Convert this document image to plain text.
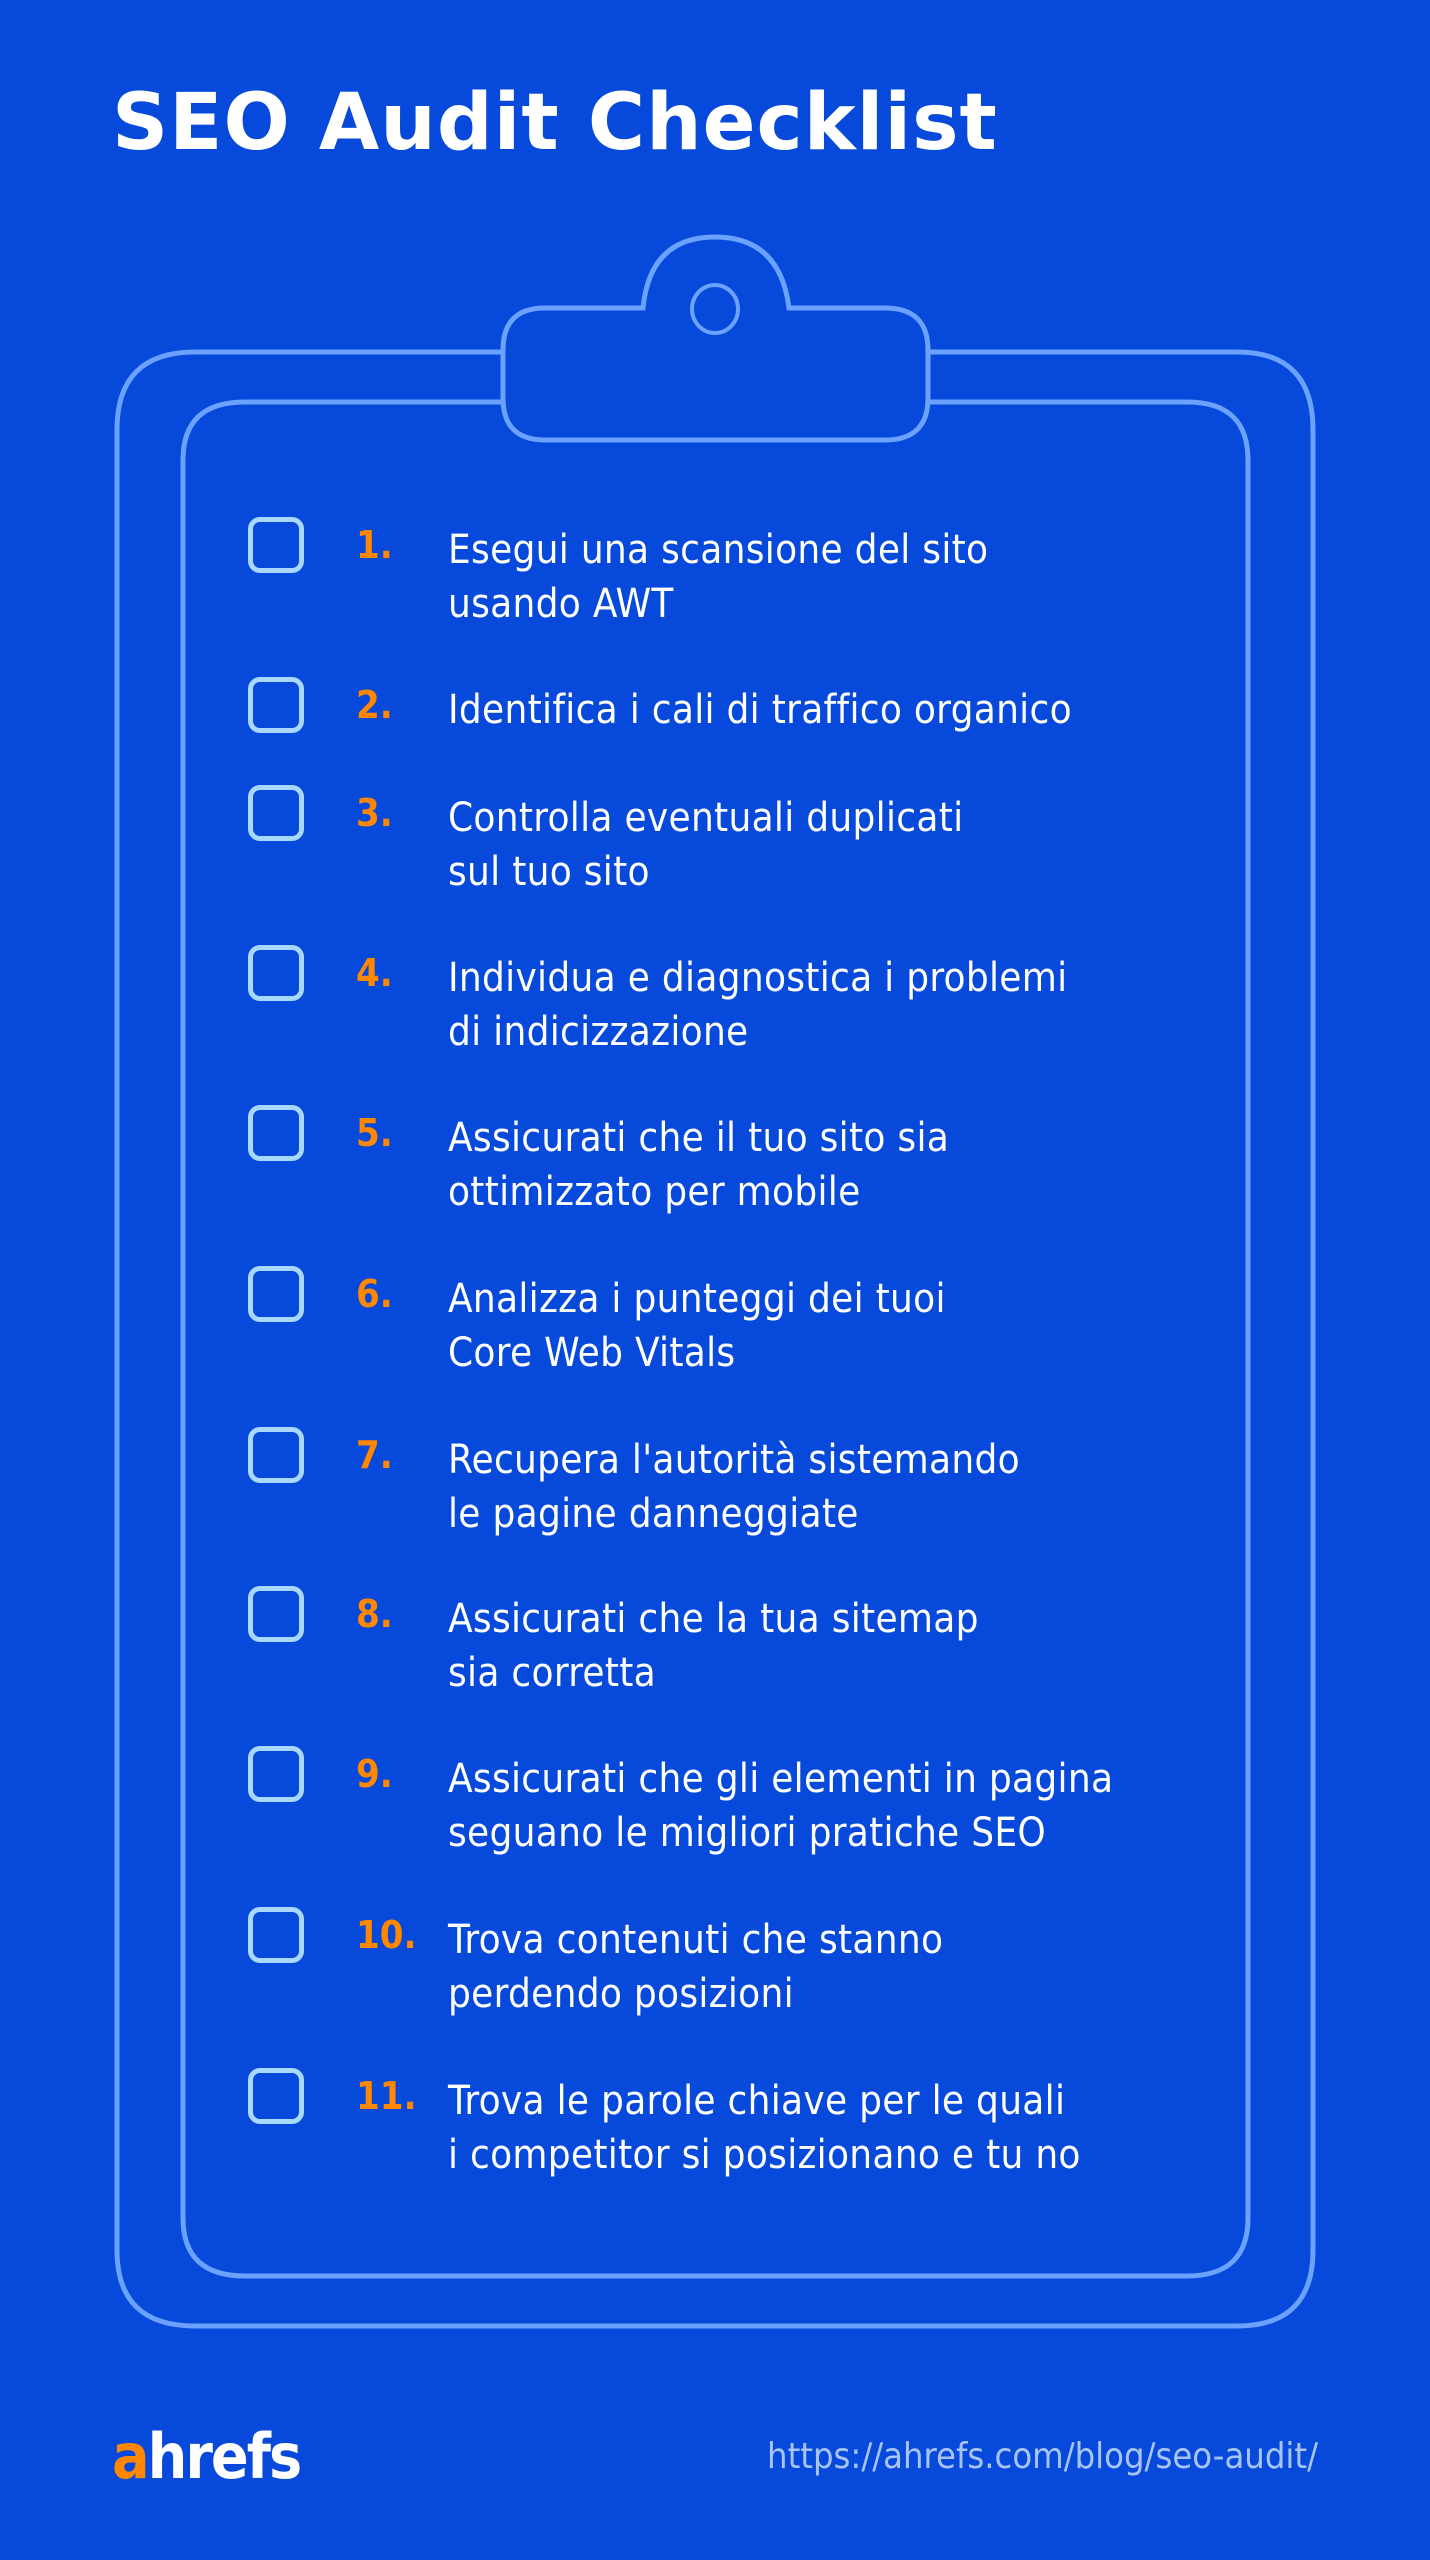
SEO Audit Checklist
1. Esegui una scansione del sito
usando AWT
2. Identifica i cali di traffico organico
3. Controlla eventuali duplicati
sul tuo sito
4. Individua e diagnostica i problemi
di indicizzazione
5. Assicurati che il tuo sito sia
ottimizzato per mobile
6. Analizza i punteggi dei tuoi
Core Web Vitals
7. Recupera l'autorità sistemando
le pagine danneggiate
8. Assicurati che la tua sitemap
sia corretta
9. Assicurati che gli elementi in pagina
seguano le migliori pratiche SEO
10. Trova contenuti che stanno
perdendo posizioni
11. Trova le parole chiave per le quali
i competitor si posizionano e tu no
ahrefs	https://ahrefs.com/blog/seo-audit/
